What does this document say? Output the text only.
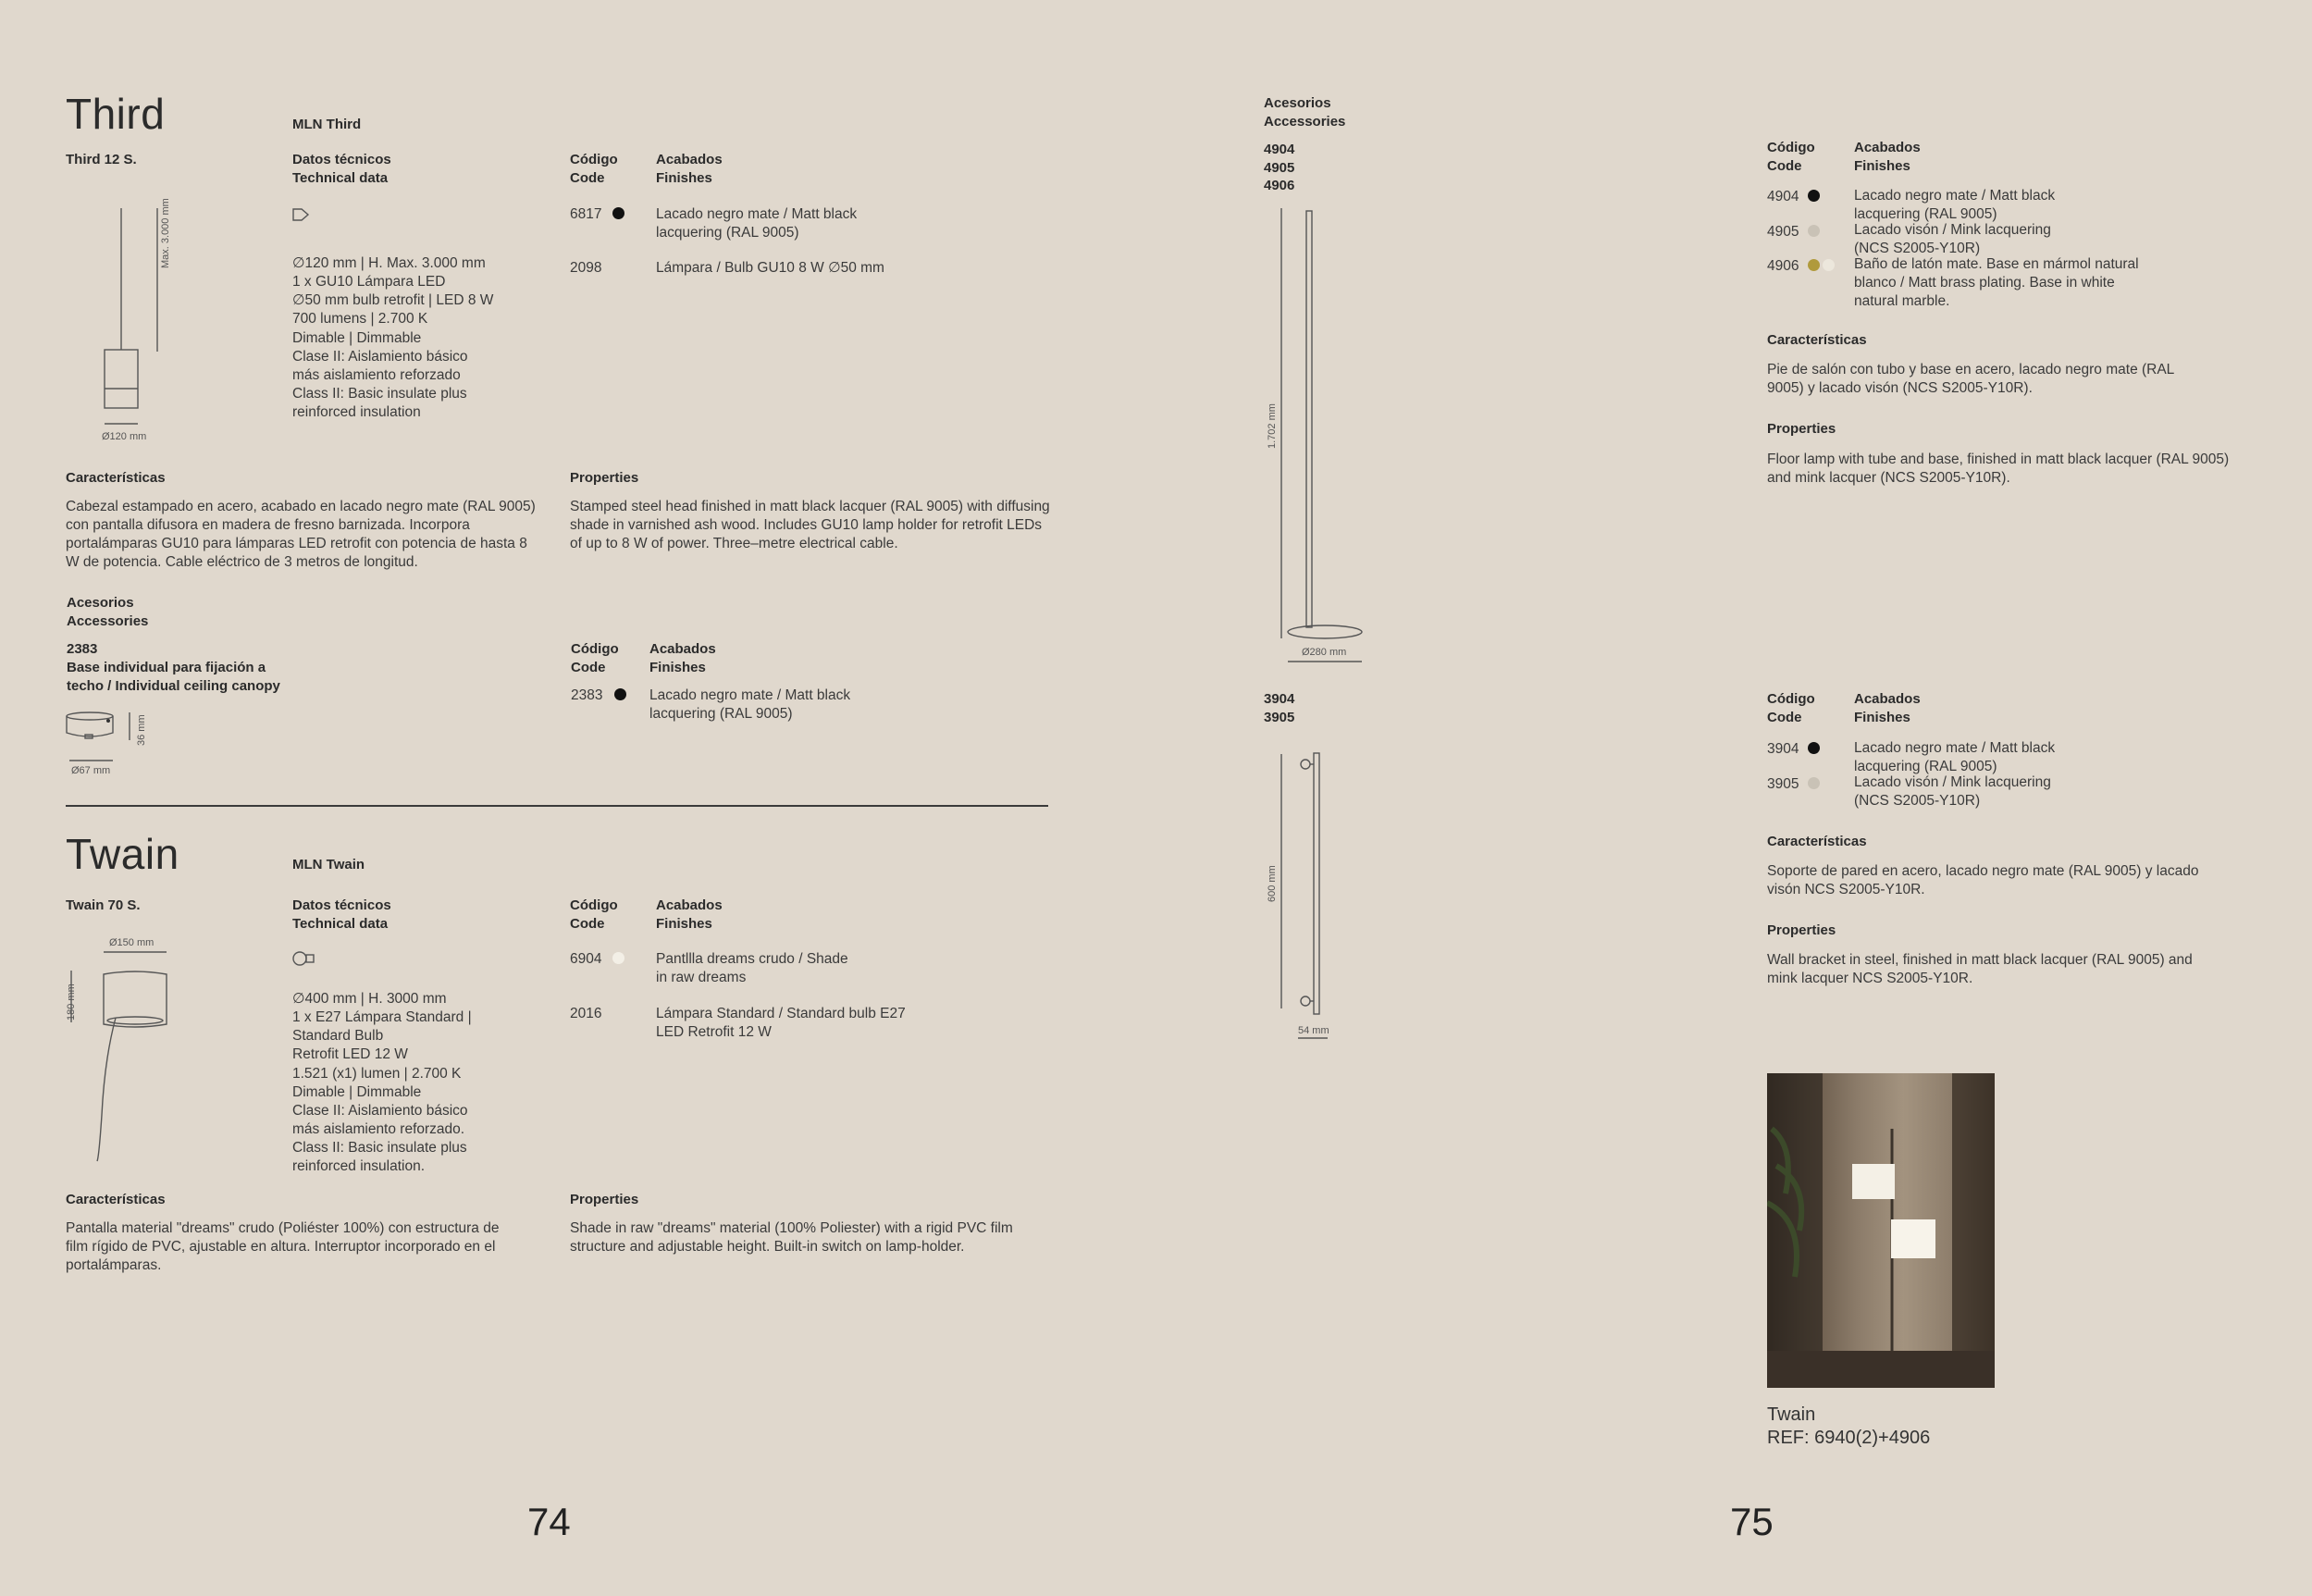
Third	MLN Third
Third 12 S.	Datos técnicos
Technical data
Código
Code
Acabados
Finishes
Max. 3.000 mm
Ø120 mm
∅120 mm | H. Max. 3.000 mm
1 x GU10 Lámpara LED
∅50 mm bulb retrofit | LED 8 W
700 lumens | 2.700 K
Dimable | Dimmable
Clase II: Aislamiento básico
más aislamiento reforzado
Class II: Basic insulate plus
reinforced insulation
6817	Lacado negro mate / Matt black
lacquering (RAL 9005)
2098	Lámpara / Bulb GU10 8 W ∅50 mm
Características
Cabezal estampado en acero, acabado en lacado negro mate (RAL 9005) con pantalla difusora en madera de fresno barnizada. Incorpora portalámparas GU10 para lámparas LED retrofit con potencia de hasta 8 W de potencia. Cable eléctrico de 3 metros de longitud.
Properties
Stamped steel head finished in matt black lacquer (RAL 9005) with diffusing shade in varnished ash wood. Includes GU10 lamp holder for retrofit LEDs of up to 8 W of power. Three–metre electrical cable.
Acesorios
Accessories
2383
Base individual para fijación a
techo / Individual ceiling canopy
36 mm
Ø67 mm
Código
Code
Acabados
Finishes
2383	Lacado negro mate / Matt black
lacquering (RAL 9005)
Twain	MLN Twain
Twain 70 S.	Datos técnicos
Technical data
Código
Code
Acabados
Finishes
Ø150 mm
180 mm	∅400 mm | H. 3000 mm
1 x E27 Lámpara Standard |
Standard Bulb
Retrofit LED 12 W
1.521 (x1) lumen | 2.700 K
Dimable | Dimmable
Clase II: Aislamiento básico
más aislamiento reforzado.
Class II: Basic insulate plus
reinforced insulation.
6904	Pantllla dreams crudo / Shade
in raw dreams
2016	Lámpara Standard / Standard bulb E27
LED Retrofit 12 W
Características
Pantalla material "dreams" crudo (Poliéster 100%) con estructura de film rígido de PVC, ajustable en altura. Interruptor incorporado en el portalámparas.
Properties
Shade in raw "dreams" material (100% Poliester) with a rigid PVC film structure and adjustable height. Built-in switch on lamp-holder.
74
Acesorios
Accessories
4904
4905
4906
1.702 mm
Ø280 mm
Código
Code
Acabados
Finishes
4904	Lacado negro mate / Matt black
lacquering (RAL 9005)
4905	Lacado visón / Mink lacquering
(NCS S2005-Y10R)
4906	Baño de latón mate. Base en mármol natural
blanco / Matt brass plating. Base in white
natural marble.
Características
Pie de salón con tubo y base en acero, lacado negro mate (RAL 9005) y lacado visón (NCS S2005-Y10R).
Properties
Floor lamp with tube and base, finished in matt black lacquer (RAL 9005) and mink lacquer (NCS S2005-Y10R).
3904
3905
600 mm
54 mm
Código
Code
Acabados
Finishes
3904	Lacado negro mate / Matt black
lacquering (RAL 9005)
3905	Lacado visón / Mink lacquering
(NCS S2005-Y10R)
Características
Soporte de pared en acero, lacado negro mate (RAL 9005) y lacado visón NCS S2005-Y10R.
Properties
Wall bracket in steel, finished in matt black lacquer (RAL 9005) and mink lacquer NCS S2005-Y10R.
Twain
REF: 6940(2)+4906
75
